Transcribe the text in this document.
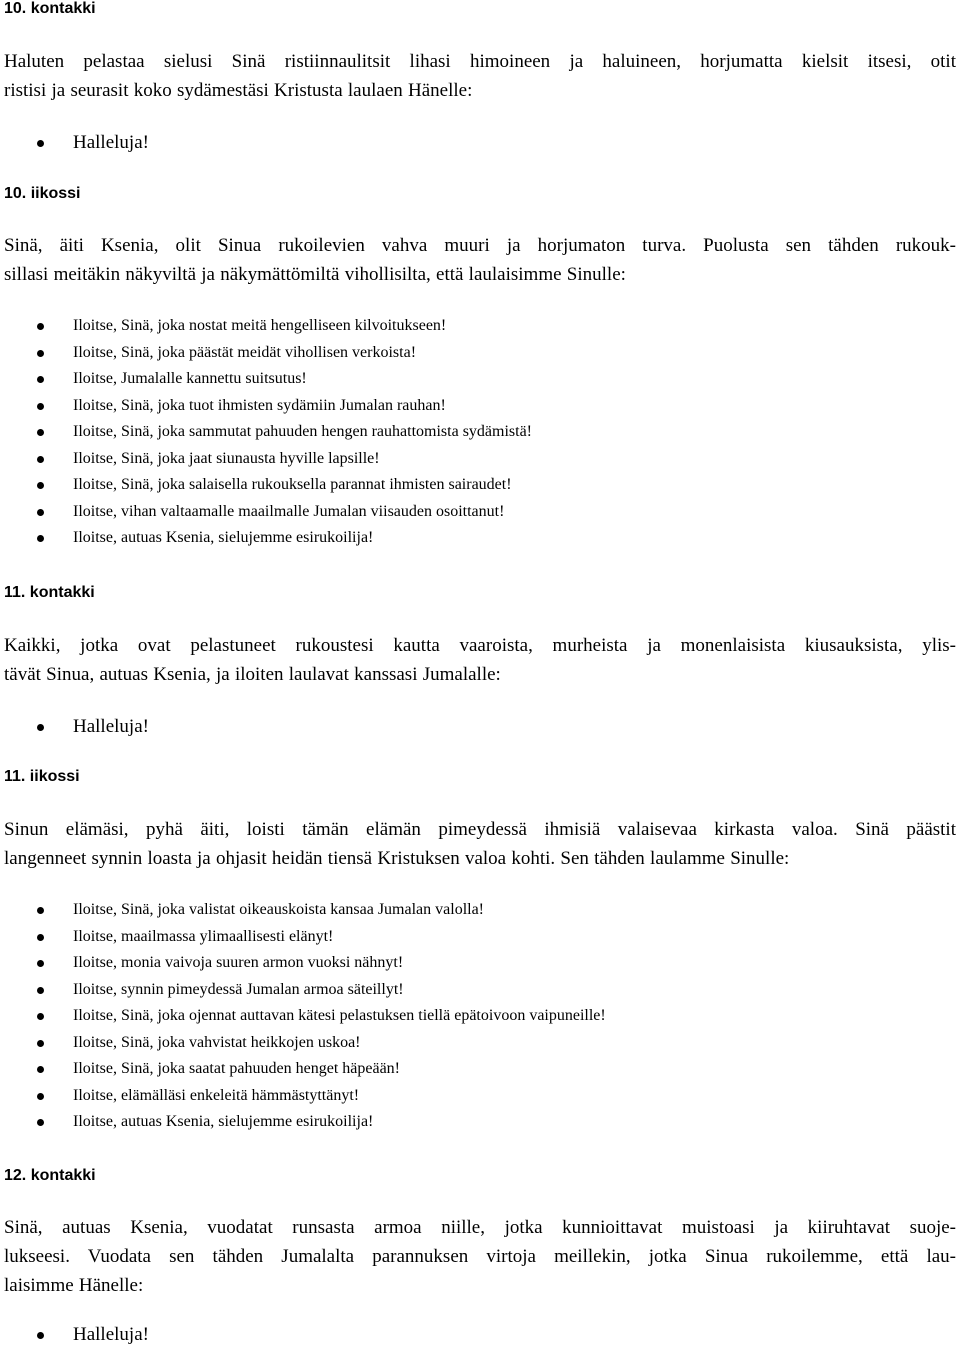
10. kontakki

Haluten pelastaa sielusi Sinä ristiinnaulitsit lihasi himoineen ja haluineen, horjumatta kielsit itsesi, otit
ristisi ja seurasit koko sydämestäsi Kristusta laulaen Hänelle:

Halleluja!
10. iikossi

Sinä, äiti Ksenia, olit Sinua rukoilevien vahva muuri ja horjumaton turva. Puolusta sen tähden rukouk-
sillasi meitäkin näkyviltä ja näkymättömiltä vihollisilta, että laulaisimme Sinulle:

Iloitse, Sinä, joka nostat meitä hengelliseen kilvoitukseen!
Iloitse, Sinä, joka päästät meidät vihollisen verkoista!
Iloitse, Jumalalle kannettu suitsutus!
Iloitse, Sinä, joka tuot ihmisten sydämiin Jumalan rauhan!
Iloitse, Sinä, joka sammutat pahuuden hengen rauhattomista sydämistä!
Iloitse, Sinä, joka jaat siunausta hyville lapsille!
Iloitse, Sinä, joka salaisella rukouksella parannat ihmisten sairaudet!
Iloitse, vihan valtaamalle maailmalle Jumalan viisauden osoittanut!
Iloitse, autuas Ksenia, sielujemme esirukoilija!
11. kontakki

Kaikki, jotka ovat pelastuneet rukoustesi kautta vaaroista, murheista ja monenlaisista kiusauksista, ylis-
tävät Sinua, autuas Ksenia, ja iloiten laulavat kanssasi Jumalalle:

Halleluja!
11. iikossi

Sinun elämäsi, pyhä äiti, loisti tämän elämän pimeydessä ihmisiä valaisevaa kirkasta valoa. Sinä päästit
langenneet synnin loasta ja ohjasit heidän tiensä Kristuksen valoa kohti. Sen tähden laulamme Sinulle:

Iloitse, Sinä, joka valistat oikeauskoista kansaa Jumalan valolla!
Iloitse, maailmassa ylimaallisesti elänyt!
Iloitse, monia vaivoja suuren armon vuoksi nähnyt!
Iloitse, synnin pimeydessä Jumalan armoa säteillyt!
Iloitse, Sinä, joka ojennat auttavan kätesi pelastuksen tiellä epätoivoon vaipuneille!
Iloitse, Sinä, joka vahvistat heikkojen uskoa!
Iloitse, Sinä, joka saatat pahuuden henget häpeään!
Iloitse, elämälläsi enkeleitä hämmästyttänyt!
Iloitse, autuas Ksenia, sielujemme esirukoilija!
12. kontakki

Sinä, autuas Ksenia, vuodatat runsasta armoa niille, jotka kunnioittavat muistoasi ja kiiruhtavat suoje-
lukseesi. Vuodata sen tähden Jumalalta parannuksen virtoja meillekin, jotka Sinua rukoilemme, että lau-
laisimme Hänelle:

Halleluja!
